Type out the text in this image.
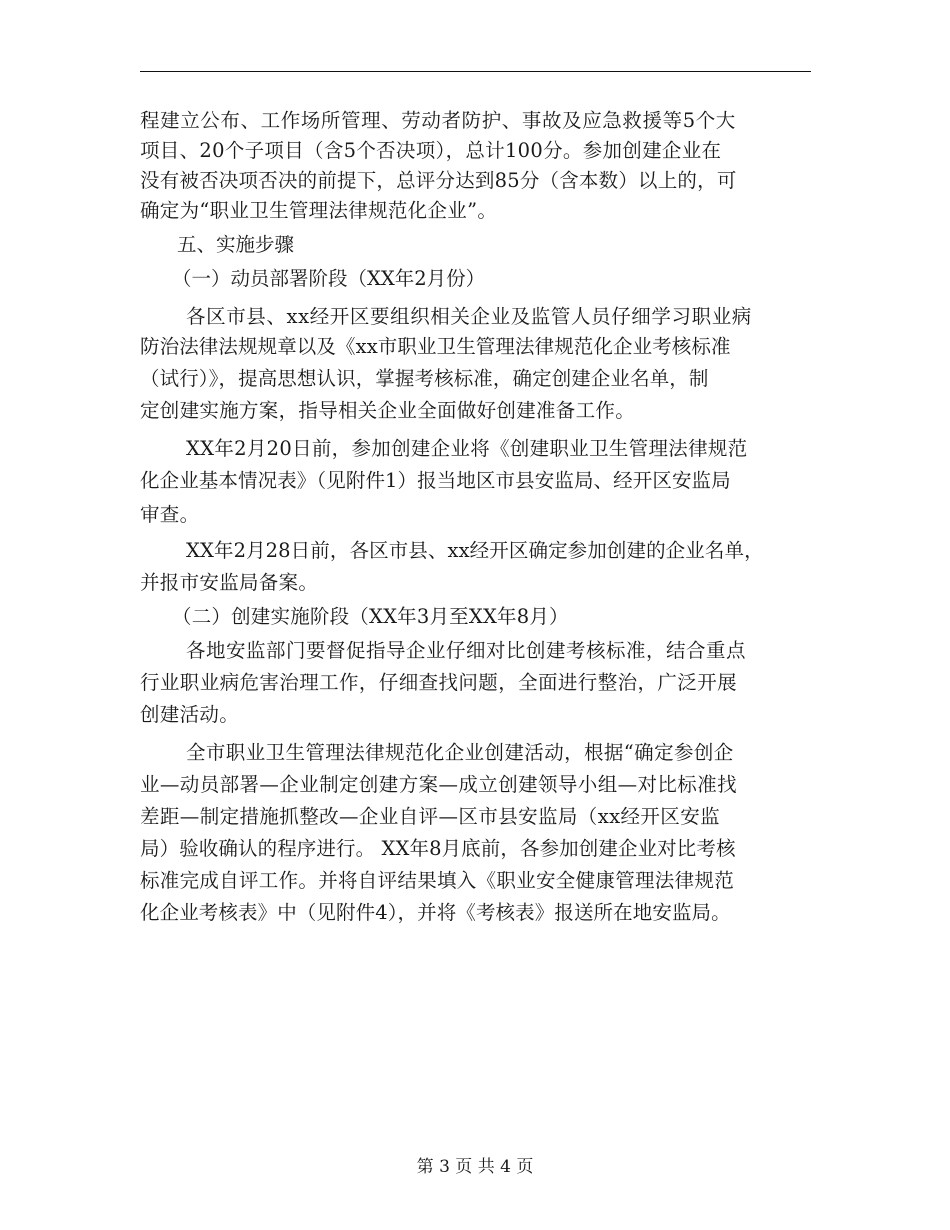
程建立公布、工作场所管理、劳动者防护、事故及应急救援等5个大
项目、20个子项目（含5个否决项），总计100分。参加创建企业在
没有被否决项否决的前提下，总评分达到85分（含本数）以上的，可
确定为“职业卫生管理法律规范化企业”。
五、实施步骤
（一）动员部署阶段（XX年2月份）
各区市县、xx经开区要组织相关企业及监管人员仔细学习职业病
防治法律法规规章以及《xx市职业卫生管理法律规范化企业考核标准
（试行）》，提高思想认识，掌握考核标准，确定创建企业名单，制
定创建实施方案，指导相关企业全面做好创建准备工作。
XX年2月20日前，参加创建企业将《创建职业卫生管理法律规范
化企业基本情况表》（见附件1）报当地区市县安监局、经开区安监局
审查。
XX年2月28日前，各区市县、xx经开区确定参加创建的企业名单，
并报市安监局备案。
（二）创建实施阶段（XX年3月至XX年8月）
各地安监部门要督促指导企业仔细对比创建考核标准，结合重点
行业职业病危害治理工作，仔细查找问题，全面进行整治，广泛开展
创建活动。
全市职业卫生管理法律规范化企业创建活动，根据“确定参创企
业—动员部署—企业制定创建方案—成立创建领导小组—对比标准找
差距—制定措施抓整改—企业自评—区市县安监局（xx经开区安监
局）验收确认的程序进行。 XX年8月底前，各参加创建企业对比考核
标准完成自评工作。并将自评结果填入《职业安全健康管理法律规范
化企业考核表》中（见附件4），并将《考核表》报送所在地安监局。
第 3 页 共 4 页
